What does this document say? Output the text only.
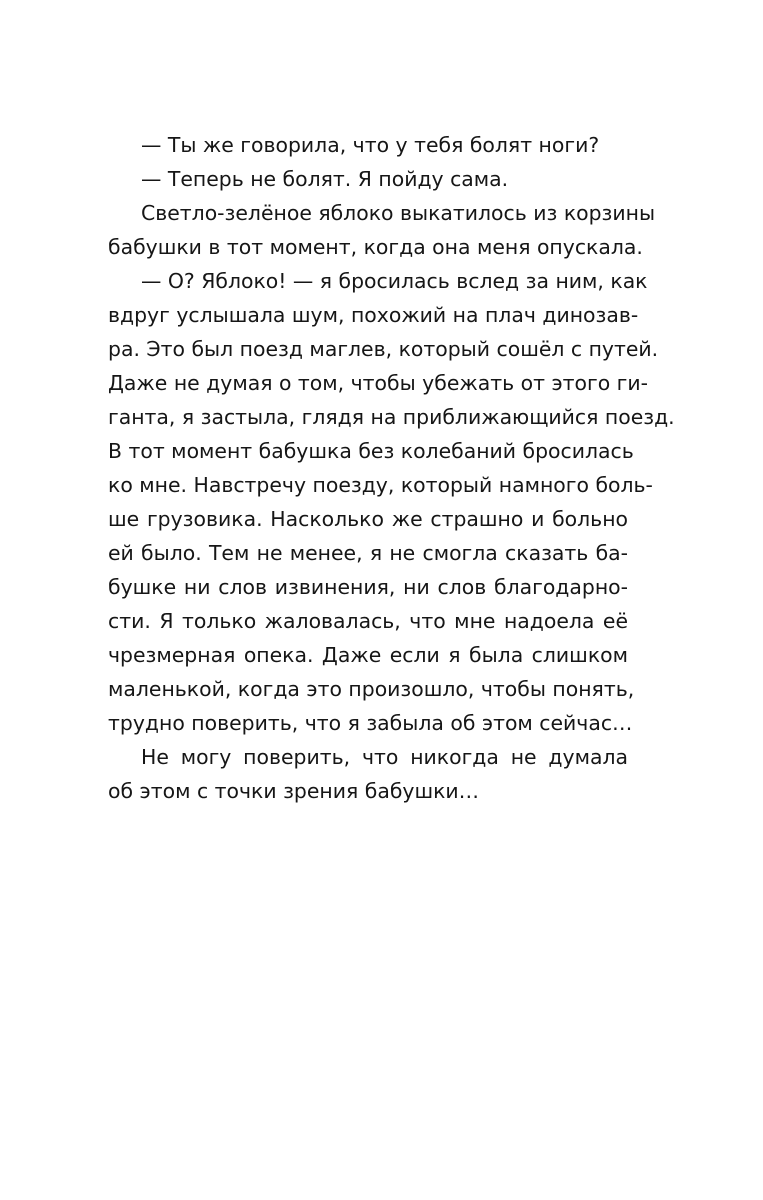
— Ты же говорила, что у тебя болят ноги?
— Теперь не болят. Я пойду сама.
Светло-зелёное яблоко выкатилось из корзины
бабушки в тот момент, когда она меня опускала.
— О? Яблоко! — я бросилась вслед за ним, как
вдруг услышала шум, похожий на плач динозав-
ра. Это был поезд маглев, который сошёл с путей.
Даже не думая о том, чтобы убежать от этого ги-
ганта, я застыла, глядя на приближающийся поезд.
В тот момент бабушка без колебаний бросилась
ко мне. Навстречу поезду, который намного боль-
ше грузовика. Насколько же страшно и больно
ей было. Тем не менее, я не смогла сказать ба-
бушке ни слов извинения, ни слов благодарно-
сти. Я только жаловалась, что мне надоела её
чрезмерная опека. Даже если я была слишком
маленькой, когда это произошло, чтобы понять,
трудно поверить, что я забыла об этом сейчас…
Не могу поверить, что никогда не думала
об этом с точки зрения бабушки…
